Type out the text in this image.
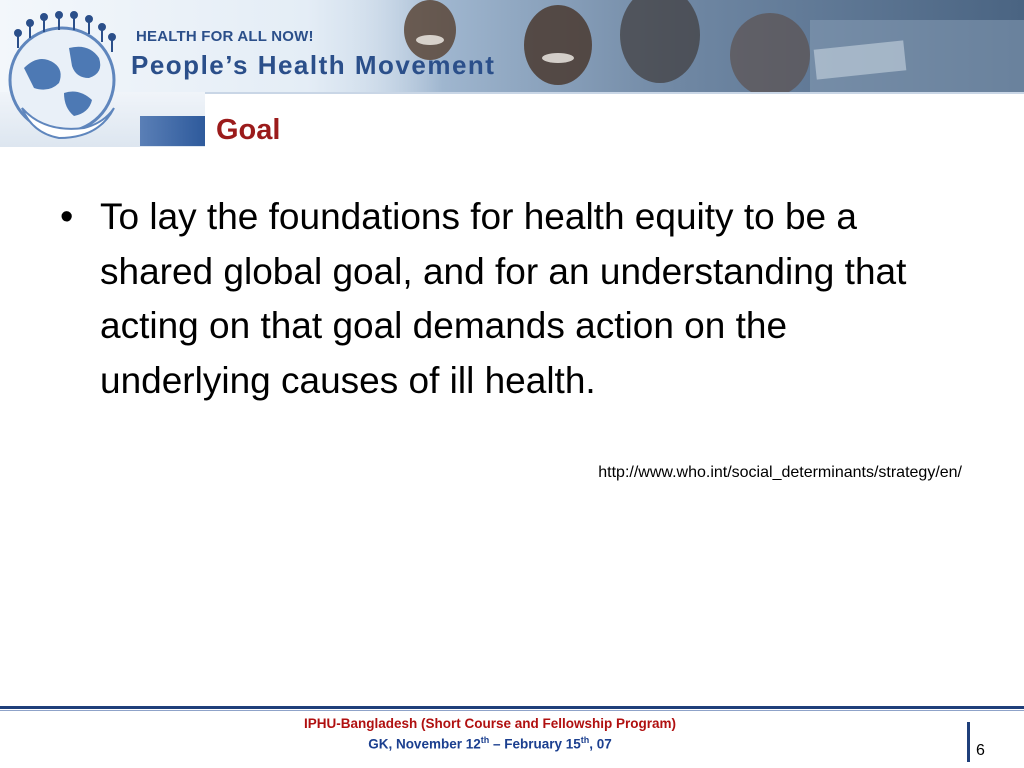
HEALTH FOR ALL NOW!
People’s Health Movement
Goal
• To lay the foundations for health equity to be a shared global goal, and for an understanding that acting on that goal demands action on the underlying causes of ill health.
http://www.who.int/social_determinants/strategy/en/
IPHU-Bangladesh (Short Course and Fellowship Program)
GK, November 12th – February 15th, 07	6
